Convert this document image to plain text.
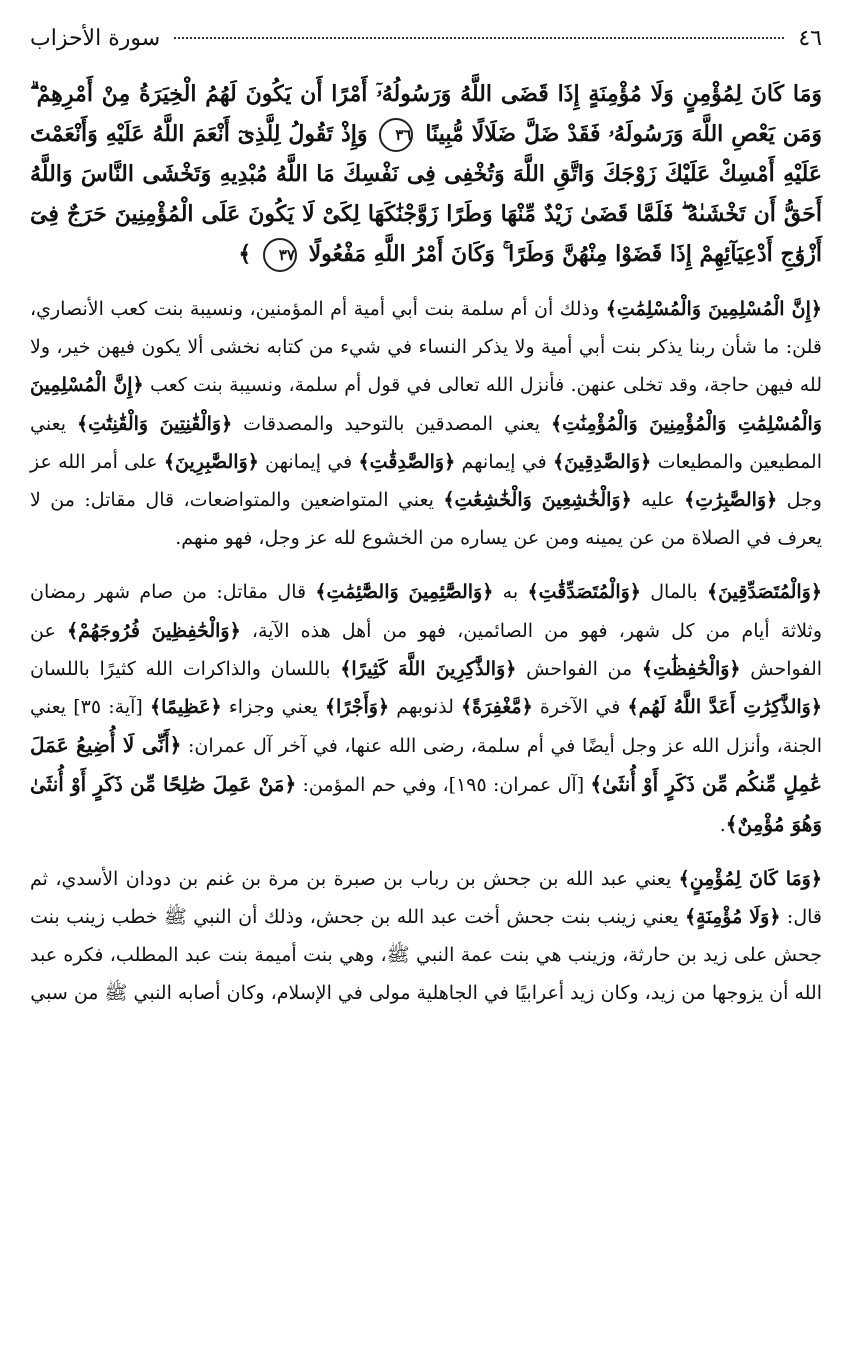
٤٦
سورة الأحزاب
وَمَا كَانَ لِمُؤْمِنٍ وَلَا مُؤْمِنَةٍ إِذَا قَضَى اللَّهُ وَرَسُولُهُۥٓ أَمْرًا أَن يَكُونَ لَهُمُ الْخِيَرَةُ مِنْ أَمْرِهِمْ ۗ وَمَن يَعْصِ اللَّهَ وَرَسُولَهُۥ فَقَدْ ضَلَّ ضَلَالًا مُّبِينًا ٣٦ وَإِذْ تَقُولُ لِلَّذِىٓ أَنْعَمَ اللَّهُ عَلَيْهِ وَأَنْعَمْتَ عَلَيْهِ أَمْسِكْ عَلَيْكَ زَوْجَكَ وَاتَّقِ اللَّهَ وَتُخْفِى فِى نَفْسِكَ مَا اللَّهُ مُبْدِيهِ وَتَخْشَى النَّاسَ وَاللَّهُ أَحَقُّ أَن تَخْشَىٰهُ ۖ فَلَمَّا قَضَىٰ زَيْدٌ مِّنْهَا وَطَرًا زَوَّجْنَٰكَهَا لِكَىْ لَا يَكُونَ عَلَى الْمُؤْمِنِينَ حَرَجٌ فِىٓ أَزْوَٰجِ أَدْعِيَآئِهِمْ إِذَا قَضَوْا مِنْهُنَّ وَطَرًا ۚ وَكَانَ أَمْرُ اللَّهِ مَفْعُولًا ٣٧ ﴾
﴿إِنَّ الْمُسْلِمِينَ وَالْمُسْلِمَٰتِ﴾ وذلك أن أم سلمة بنت أبي أمية أم المؤمنين، ونسيبة بنت كعب الأنصاري، قلن: ما شأن ربنا يذكر بنت أبي أمية ولا يذكر النساء في شيء من كتابه نخشى ألا يكون فيهن خير، ولا لله فيهن حاجة، وقد تخلى عنهن. فأنزل الله تعالى في قول أم سلمة، ونسيبة بنت كعب ﴿إِنَّ الْمُسْلِمِينَ وَالْمُسْلِمَٰتِ وَالْمُؤْمِنِينَ وَالْمُؤْمِنَٰتِ﴾ يعني المصدقين بالتوحيد والمصدقات ﴿وَالْقَٰنِتِينَ وَالْقَٰنِتَٰتِ﴾ يعني المطيعين والمطيعات ﴿وَالصَّٰدِقِينَ﴾ في إيمانهم ﴿وَالصَّٰدِقَٰتِ﴾ في إيمانهن ﴿وَالصَّٰبِرِينَ﴾ على أمر الله عز وجل ﴿وَالصَّٰبِرَٰتِ﴾ عليه ﴿وَالْخَٰشِعِينَ وَالْخَٰشِعَٰتِ﴾ يعني المتواضعين والمتواضعات، قال مقاتل: من لا يعرف في الصلاة من عن يمينه ومن عن يساره من الخشوع لله عز وجل، فهو منهم.
﴿وَالْمُتَصَدِّقِينَ﴾ بالمال ﴿وَالْمُتَصَدِّقَٰتِ﴾ به ﴿وَالصَّٰٓئِمِينَ وَالصَّٰٓئِمَٰتِ﴾ قال مقاتل: من صام شهر رمضان وثلاثة أيام من كل شهر، فهو من الصائمين، فهو من أهل هذه الآية، ﴿وَالْحَٰفِظِينَ فُرُوجَهُمْ﴾ عن الفواحش ﴿وَالْحَٰفِظَٰتِ﴾ من الفواحش ﴿وَالذَّٰكِرِينَ اللَّهَ كَثِيرًا﴾ باللسان والذاكرات الله كثيرًا باللسان ﴿وَالذَّٰكِرَٰتِ أَعَدَّ اللَّهُ لَهُم﴾ في الآخرة ﴿مَّغْفِرَةً﴾ لذنوبهم ﴿وَأَجْرًا﴾ يعني وجزاء ﴿عَظِيمًا﴾ [آية: ٣٥] يعني الجنة، وأنزل الله عز وجل أيضًا في أم سلمة، رضى الله عنها، في آخر آل عمران: ﴿أَنِّى لَا أُضِيعُ عَمَلَ عَٰمِلٍ مِّنكُم مِّن ذَكَرٍ أَوْ أُنثَىٰ﴾ [آل عمران: ١٩٥]، وفي حم المؤمن: ﴿مَنْ عَمِلَ صَٰلِحًا مِّن ذَكَرٍ أَوْ أُنثَىٰ وَهُوَ مُؤْمِنٌ﴾.
﴿وَمَا كَانَ لِمُؤْمِنٍ﴾ يعني عبد الله بن جحش بن رباب بن صبرة بن مرة بن غنم بن دودان الأسدي، ثم قال: ﴿وَلَا مُؤْمِنَةٍ﴾ يعني زينب بنت جحش أخت عبد الله بن جحش، وذلك أن النبي ﷺ خطب زينب بنت جحش على زيد بن حارثة، وزينب هي بنت عمة النبي ﷺ، وهي بنت أميمة بنت عبد المطلب، فكره عبد الله أن يزوجها من زيد، وكان زيد أعرابيًا في الجاهلية مولى في الإسلام، وكان أصابه النبي ﷺ من سبي
